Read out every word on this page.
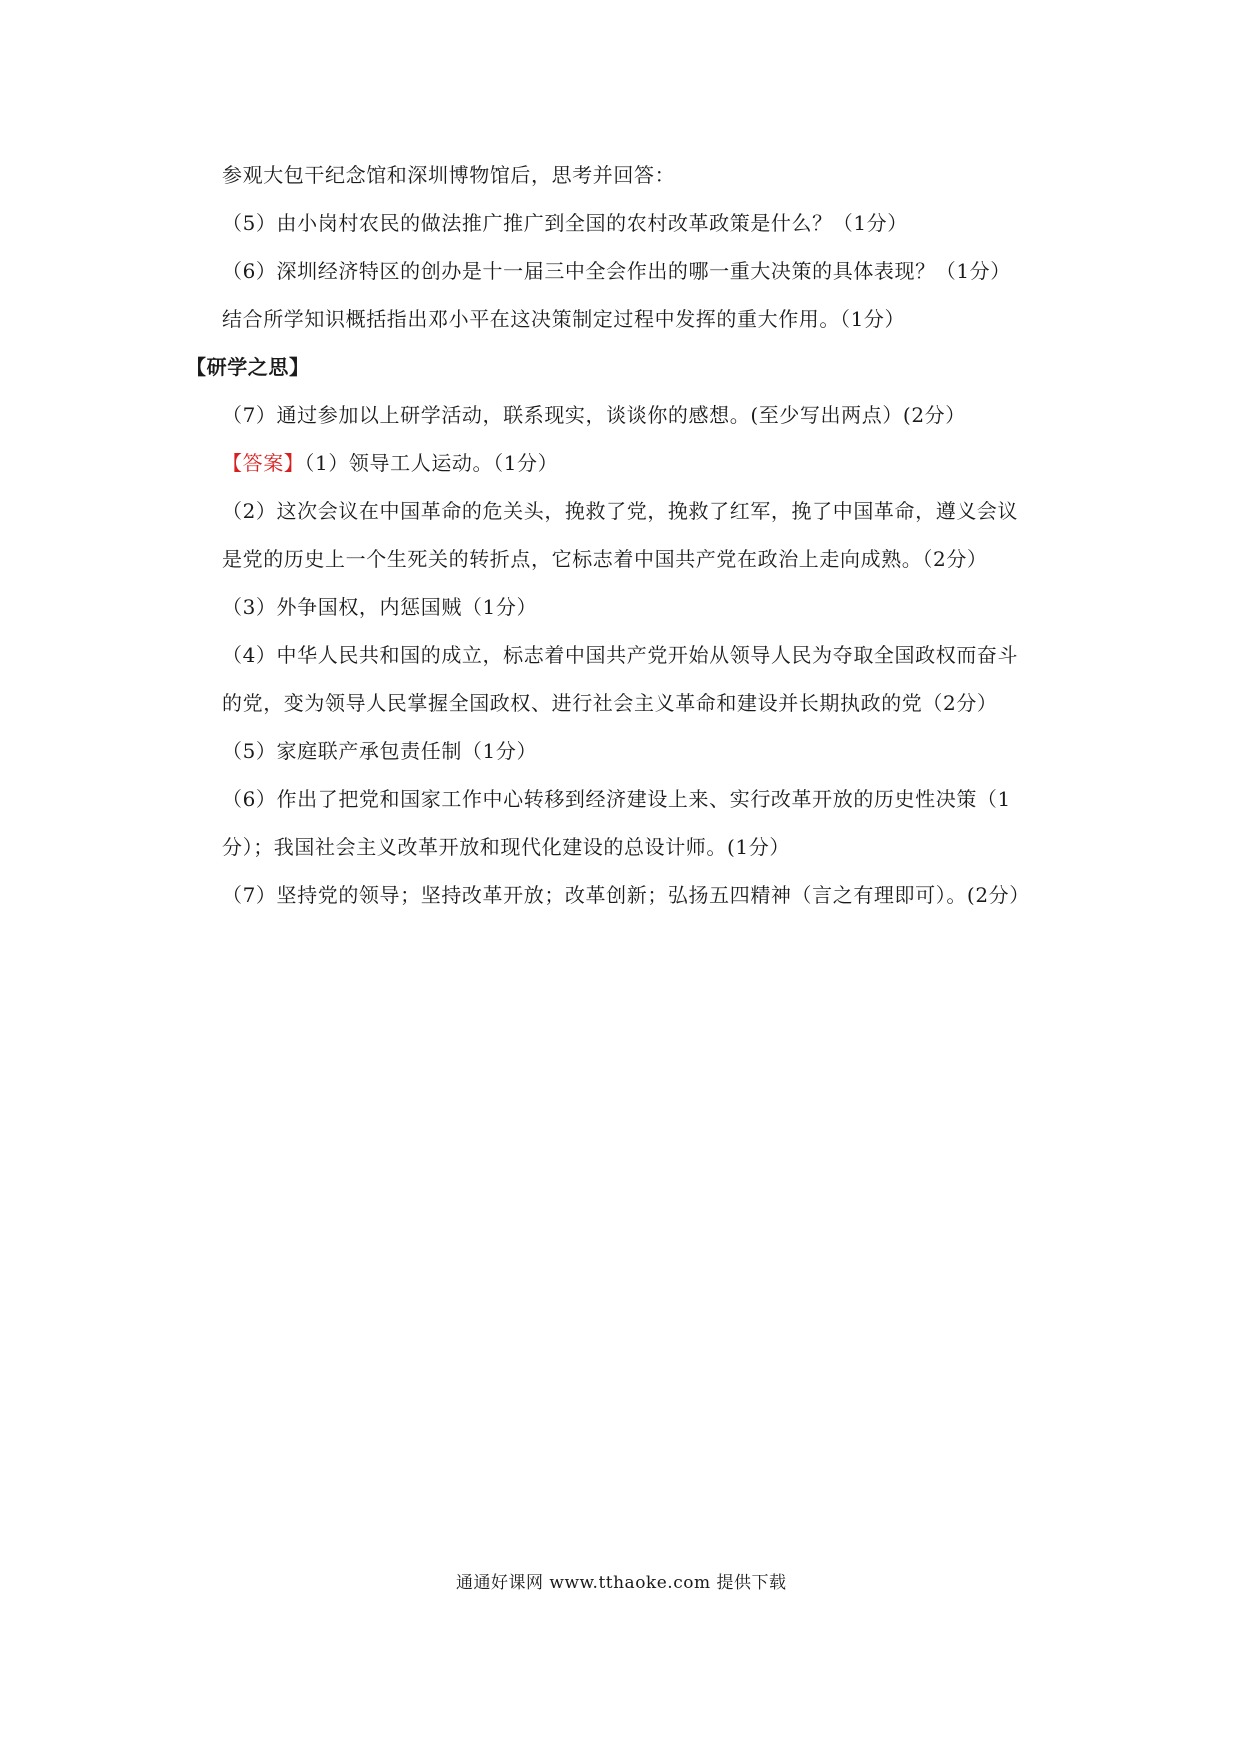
参观大包干纪念馆和深圳博物馆后，思考并回答：
（5）由小岗村农民的做法推广推广到全国的农村改革政策是什么？（1分）
（6）深圳经济特区的创办是十一届三中全会作出的哪一重大决策的具体表现？（1分）
结合所学知识概括指出邓小平在这决策制定过程中发挥的重大作用。（1分）
【研学之思】
（7）通过参加以上研学活动，联系现实，谈谈你的感想。(至少写出两点）(2分）
【答案】（1）领导工人运动。（1分）
（2）这次会议在中国革命的危关头，挽救了党，挽救了红军，挽了中国革命，遵义会议
是党的历史上一个生死关的转折点，它标志着中国共产党在政治上走向成熟。（2分）
（3）外争国权，内惩国贼（1分）
（4）中华人民共和国的成立，标志着中国共产党开始从领导人民为夺取全国政权而奋斗
的党，变为领导人民掌握全国政权、进行社会主义革命和建设并长期执政的党（2分）
（5）家庭联产承包责任制（1分）
（6）作出了把党和国家工作中心转移到经济建设上来、实行改革开放的历史性决策（1
分）；我国社会主义改革开放和现代化建设的总设计师。(1分）
（7）坚持党的领导；坚持改革开放；改革创新；弘扬五四精神（言之有理即可）。(2分）
通通好课网 www.tthaoke.com 提供下载
